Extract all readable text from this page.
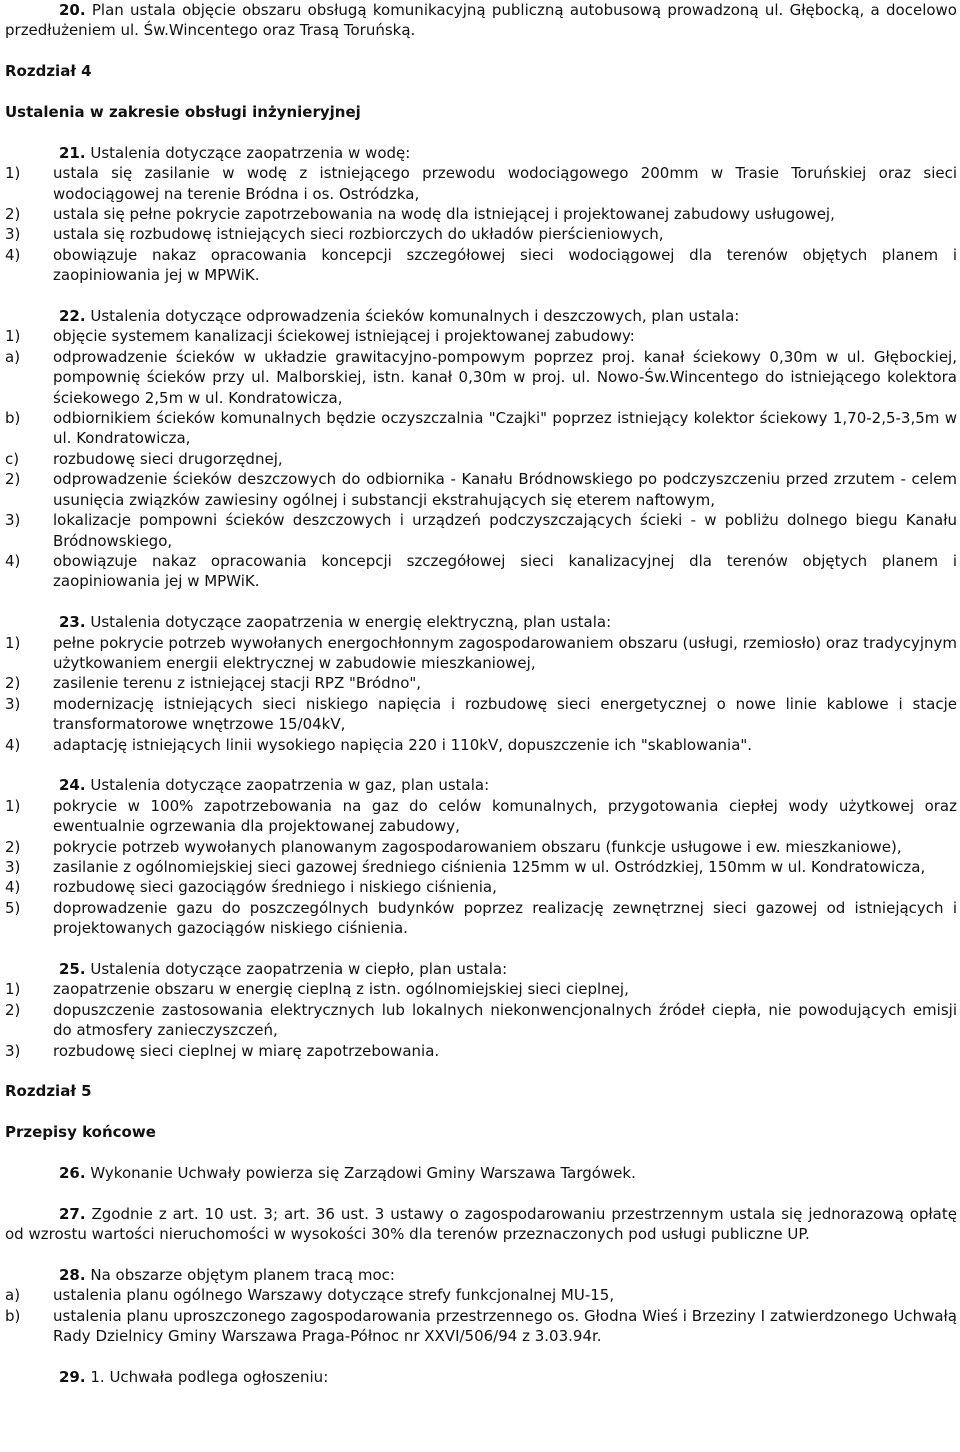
20. Plan ustala objęcie obszaru obsługą komunikacyjną publiczną autobusową prowadzoną ul. Głębocką, a docelowo przedłużeniem ul. Św.Wincentego oraz Trasą Toruńską.

Rozdział 4

Ustalenia w zakresie obsługi inżynieryjnej

21. Ustalenia dotyczące zaopatrzenia w wodę:

1)	ustala się zasilanie w wodę z istniejącego przewodu wodociągowego 200mm w Trasie Toruńskiej oraz sieci wodociągowej na terenie Bródna i os. Ostródzka,
2)	ustala się pełne pokrycie zapotrzebowania na wodę dla istniejącej i projektowanej zabudowy usługowej,
3)	ustala się rozbudowę istniejących sieci rozbiorczych do układów pierścieniowych,
4)	obowiązuje nakaz opracowania koncepcji szczegółowej sieci wodociągowej dla terenów objętych planem i zaopiniowania jej w MPWiK.

22. Ustalenia dotyczące odprowadzenia ścieków komunalnych i deszczowych, plan ustala:

1)	objęcie systemem kanalizacji ściekowej istniejącej i projektowanej zabudowy:
a)	odprowadzenie ścieków w układzie grawitacyjno-pompowym poprzez proj. kanał ściekowy 0,30m w ul. Głębockiej, pompownię ścieków przy ul. Malborskiej, istn. kanał 0,30m w proj. ul. Nowo-Św.Wincentego do istniejącego kolektora ściekowego 2,5m w ul. Kondratowicza,
b)	odbiornikiem ścieków komunalnych będzie oczyszczalnia "Czajki" poprzez istniejący kolektor ściekowy 1,70-2,5-3,5m w ul. Kondratowicza,
c)	rozbudowę sieci drugorzędnej,
2)	odprowadzenie ścieków deszczowych do odbiornika - Kanału Bródnowskiego po podczyszczeniu przed zrzutem - celem usunięcia związków zawiesiny ogólnej i substancji ekstrahujących się eterem naftowym,
3)	lokalizacje pompowni ścieków deszczowych i urządzeń podczyszczających ścieki - w pobliżu dolnego biegu Kanału Bródnowskiego,
4)	obowiązuje nakaz opracowania koncepcji szczegółowej sieci kanalizacyjnej dla terenów objętych planem i zaopiniowania jej w MPWiK.

23. Ustalenia dotyczące zaopatrzenia w energię elektryczną, plan ustala:

1)	pełne pokrycie potrzeb wywołanych energochłonnym zagospodarowaniem obszaru (usługi, rzemiosło) oraz tradycyjnym użytkowaniem energii elektrycznej w zabudowie mieszkaniowej,
2)	zasilenie terenu z istniejącej stacji RPZ "Bródno",
3)	modernizację istniejących sieci niskiego napięcia i rozbudowę sieci energetycznej o nowe linie kablowe i stacje transformatorowe wnętrzowe 15/04kV,
4)	adaptację istniejących linii wysokiego napięcia 220 i 110kV, dopuszczenie ich "skablowania".

24. Ustalenia dotyczące zaopatrzenia w gaz, plan ustala:

1)	pokrycie w 100% zapotrzebowania na gaz do celów komunalnych, przygotowania ciepłej wody użytkowej oraz ewentualnie ogrzewania dla projektowanej zabudowy,
2)	pokrycie potrzeb wywołanych planowanym zagospodarowaniem obszaru (funkcje usługowe i ew. mieszkaniowe),
3)	zasilanie z ogólnomiejskiej sieci gazowej średniego ciśnienia 125mm w ul. Ostródzkiej, 150mm w ul. Kondratowicza,
4)	rozbudowę sieci gazociągów średniego i niskiego ciśnienia,
5)	doprowadzenie gazu do poszczególnych budynków poprzez realizację zewnętrznej sieci gazowej od istniejących i projektowanych gazociągów niskiego ciśnienia.

25. Ustalenia dotyczące zaopatrzenia w ciepło, plan ustala:

1)	zaopatrzenie obszaru w energię cieplną z istn. ogólnomiejskiej sieci cieplnej,
2)	dopuszczenie zastosowania elektrycznych lub lokalnych niekonwencjonalnych źródeł ciepła, nie powodujących emisji do atmosfery zanieczyszczeń,
3)	rozbudowę sieci cieplnej w miarę zapotrzebowania.

Rozdział 5

Przepisy końcowe

26. Wykonanie Uchwały powierza się Zarządowi Gminy Warszawa Targówek.

27. Zgodnie z art. 10 ust. 3; art. 36 ust. 3 ustawy o zagospodarowaniu przestrzennym ustala się jednorazową opłatę od wzrostu wartości nieruchomości w wysokości 30% dla terenów przeznaczonych pod usługi publiczne UP.

28. Na obszarze objętym planem tracą moc:

a)	ustalenia planu ogólnego Warszawy dotyczące strefy funkcjonalnej MU-15,
b)	ustalenia planu uproszczonego zagospodarowania przestrzennego os. Głodna Wieś i Brzeziny I zatwierdzonego Uchwałą Rady Dzielnicy Gminy Warszawa Praga-Północ nr XXVI/506/94 z 3.03.94r.

29. 1. Uchwała podlega ogłoszeniu:
